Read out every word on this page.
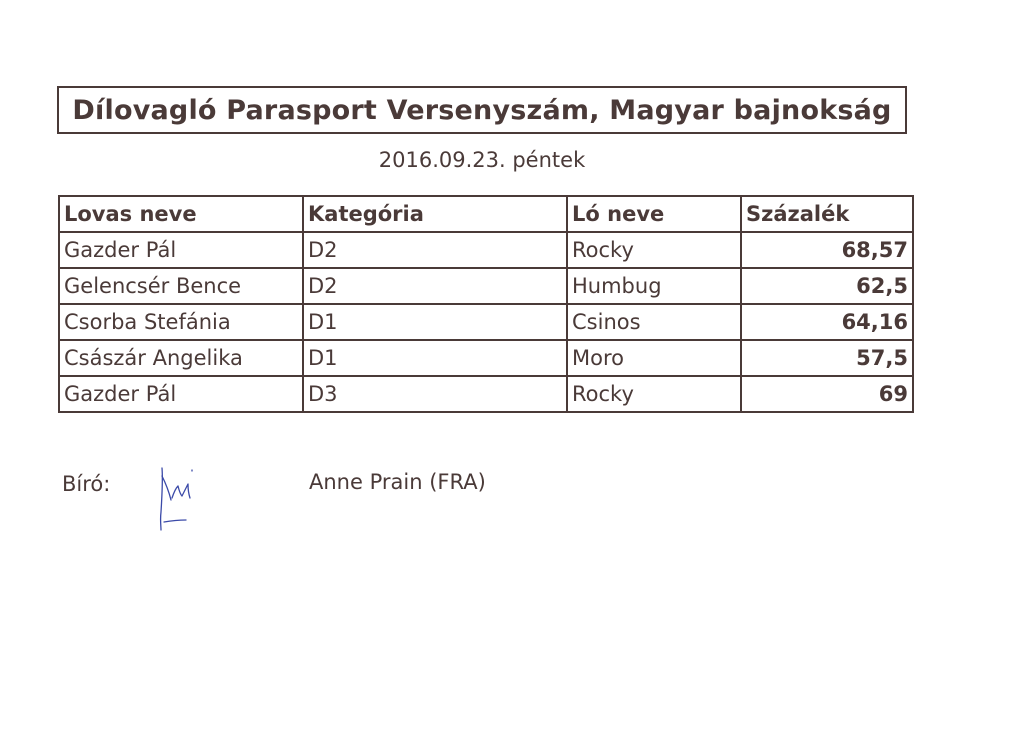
Dílovagló Parasport Versenyszám, Magyar bajnokság
2016.09.23. péntek
Lovas neve	Kategória	Ló neve	Százalék
Gazder Pál	D2	Rocky	68,57
Gelencsér Bence	D2	Humbug	62,5
Csorba Stefánia	D1	Csinos	64,16
Császár Angelika	D1	Moro	57,5
Gazder Pál	D3	Rocky	69
Bíró:	Anne Prain (FRA)
